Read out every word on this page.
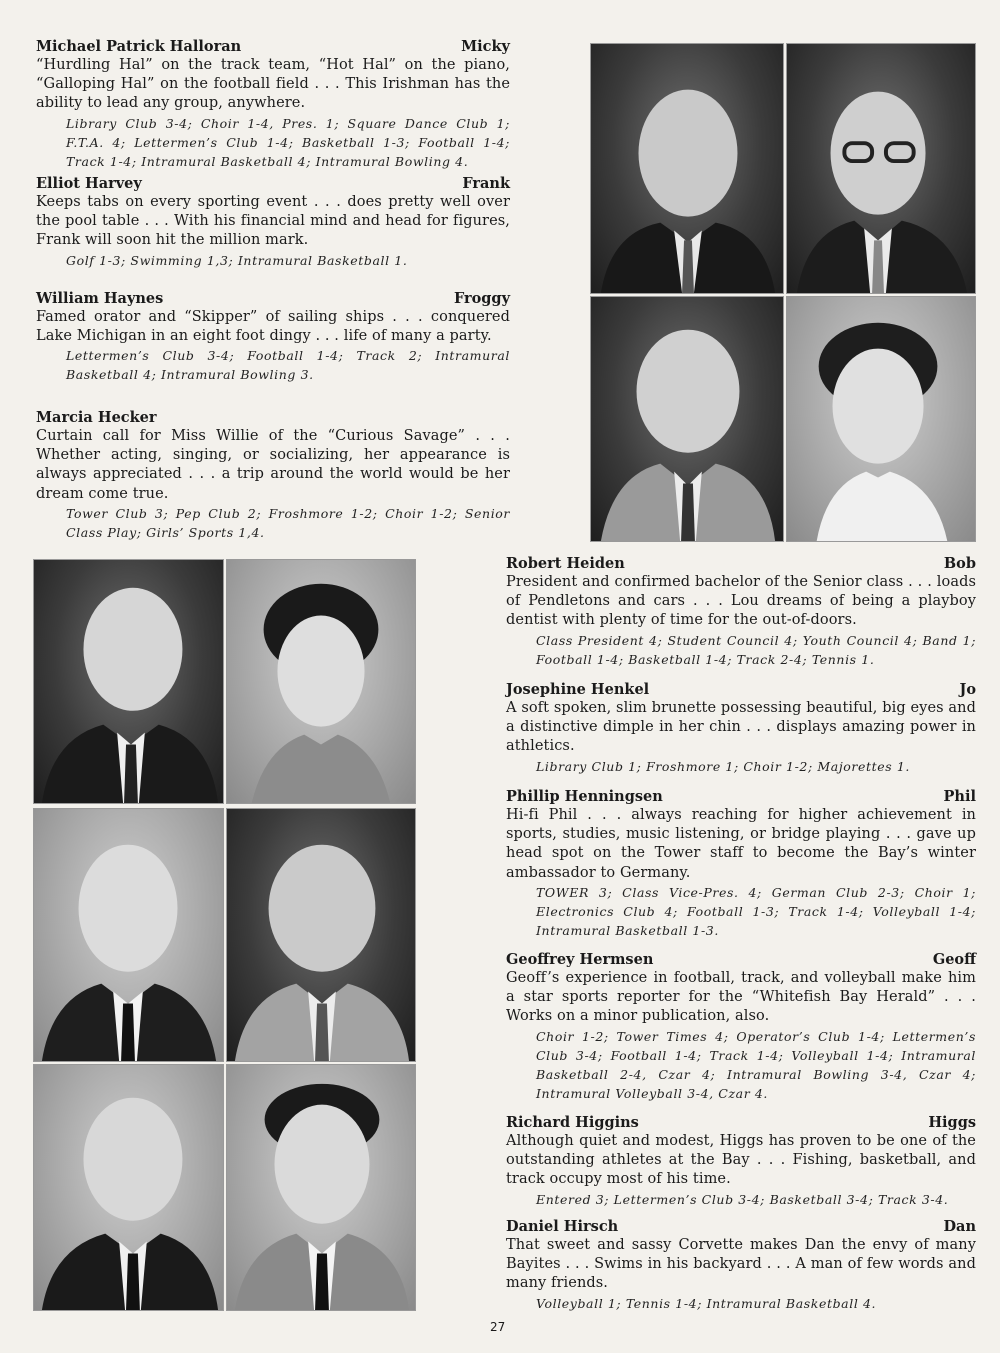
Michael Patrick Halloran	Micky
“Hurdling Hal” on the track team, “Hot Hal” on the piano, “Galloping Hal” on the football field . . . This Irishman has the ability to lead any group, anywhere.
Library Club 3-4; Choir 1-4, Pres. 1; Square Dance Club 1; F.T.A. 4; Lettermen’s Club 1-4; Basketball 1-3; Football 1-4; Track 1-4; Intramural Basketball 4; Intramural Bowling 4.
Elliot Harvey	Frank
Keeps tabs on every sporting event . . . does pretty well over the pool table . . . With his financial mind and head for figures, Frank will soon hit the million mark.
Golf 1-3; Swimming 1,3; Intramural Basketball 1.
William Haynes	Froggy
Famed orator and “Skipper” of sailing ships . . . conquered Lake Michigan in an eight foot dingy . . . life of many a party.
Lettermen’s Club 3-4; Football 1-4; Track 2; Intramural Basketball 4; Intramural Bowling 3.
Marcia Hecker
Curtain call for Miss Willie of the “Curious Savage” . . . Whether acting, singing, or socializing, her appearance is always appreciated . . . a trip around the world would be her dream come true.
Tower Club 3; Pep Club 2; Froshmore 1-2; Choir 1-2; Senior Class Play; Girls’ Sports 1,4.
Robert Heiden	Bob
President and confirmed bachelor of the Senior class . . . loads of Pendletons and cars . . . Lou dreams of being a playboy dentist with plenty of time for the out-of-doors.
Class President 4; Student Council 4; Youth Council 4; Band 1; Football 1-4; Basketball 1-4; Track 2-4; Tennis 1.
Josephine Henkel	Jo
A soft spoken, slim brunette possessing beautiful, big eyes and a distinctive dimple in her chin . . . displays amazing power in athletics.
Library Club 1; Froshmore 1; Choir 1-2; Majorettes 1.
Phillip Henningsen	Phil
Hi-fi Phil . . . always reaching for higher achievement in sports, studies, music listening, or bridge playing . . . gave up head spot on the Tower staff to become the Bay’s winter ambassador to Germany.
TOWER 3; Class Vice-Pres. 4; German Club 2-3; Choir 1; Electronics Club 4; Football 1-3; Track 1-4; Volleyball 1-4; Intramural Basketball 1-3.
Geoffrey Hermsen	Geoff
Geoff’s experience in football, track, and volleyball make him a star sports reporter for the “Whitefish Bay Herald” . . . Works on a minor publication, also.
Choir 1-2; Tower Times 4; Operator’s Club 1-4; Lettermen’s Club 3-4; Football 1-4; Track 1-4; Volleyball 1-4; Intramural Basketball 2-4, Czar 4; Intramural Bowling 3-4, Czar 4; Intramural Volleyball 3-4, Czar 4.
Richard Higgins	Higgs
Although quiet and modest, Higgs has proven to be one of the outstanding athletes at the Bay . . . Fishing, basketball, and track occupy most of his time.
Entered 3; Lettermen’s Club 3-4; Basketball 3-4; Track 3-4.
Daniel Hirsch	Dan
That sweet and sassy Corvette makes Dan the envy of many Bayites . . . Swims in his backyard . . . A man of few words and many friends.
Volleyball 1; Tennis 1-4; Intramural Basketball 4.
27
